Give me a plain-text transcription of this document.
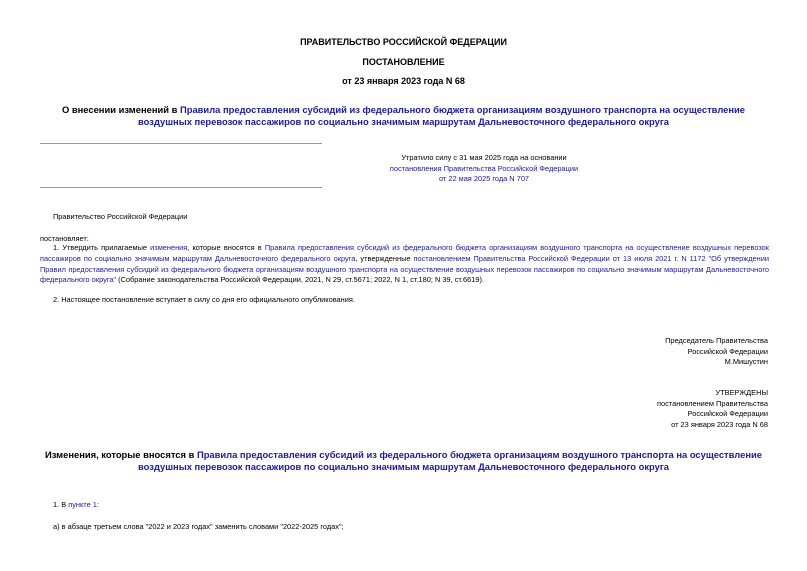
ПРАВИТЕЛЬСТВО РОССИЙСКОЙ ФЕДЕРАЦИИ
ПОСТАНОВЛЕНИЕ
от 23 января 2023 года N 68
О внесении изменений в Правила предоставления субсидий из федерального бюджета организациям воздушного транспорта на осуществление воздушных перевозок пассажиров по социально значимым маршрутам Дальневосточного федерального округа
Утратило силу с 31 мая 2025 года на основании
постановления Правительства Российской Федерации
от 22 мая 2025 года N 707
Правительство Российской Федерации
постановляет:
1. Утвердить прилагаемые изменения, которые вносятся в Правила предоставления субсидий из федерального бюджета организациям воздушного транспорта на осуществление воздушных перевозок пассажиров по социально значимым маршрутам Дальневосточного федерального округа, утвержденные постановлением Правительства Российской Федерации от 13 июля 2021 г. N 1172 "Об утверждении Правил предоставления субсидий из федерального бюджета организациям воздушного транспорта на осуществление воздушных перевозок пассажиров по социально значимым маршрутам Дальневосточного федерального округа" (Собрание законодательства Российской Федерации, 2021, N 29, ст.5671; 2022, N 1, ст.180; N 39, ст.6619).
2. Настоящее постановление вступает в силу со дня его официального опубликования.
Председатель Правительства
Российской Федерации
М.Мишустин
УТВЕРЖДЕНЫ
постановлением Правительства
Российской Федерации
от 23 января 2023 года N 68
Изменения, которые вносятся в Правила предоставления субсидий из федерального бюджета организациям воздушного транспорта на осуществление воздушных перевозок пассажиров по социально значимым маршрутам Дальневосточного федерального округа
1. В пункте 1:
а) в абзаце третьем слова "2022 и 2023 годах" заменить словами "2022-2025 годах";
